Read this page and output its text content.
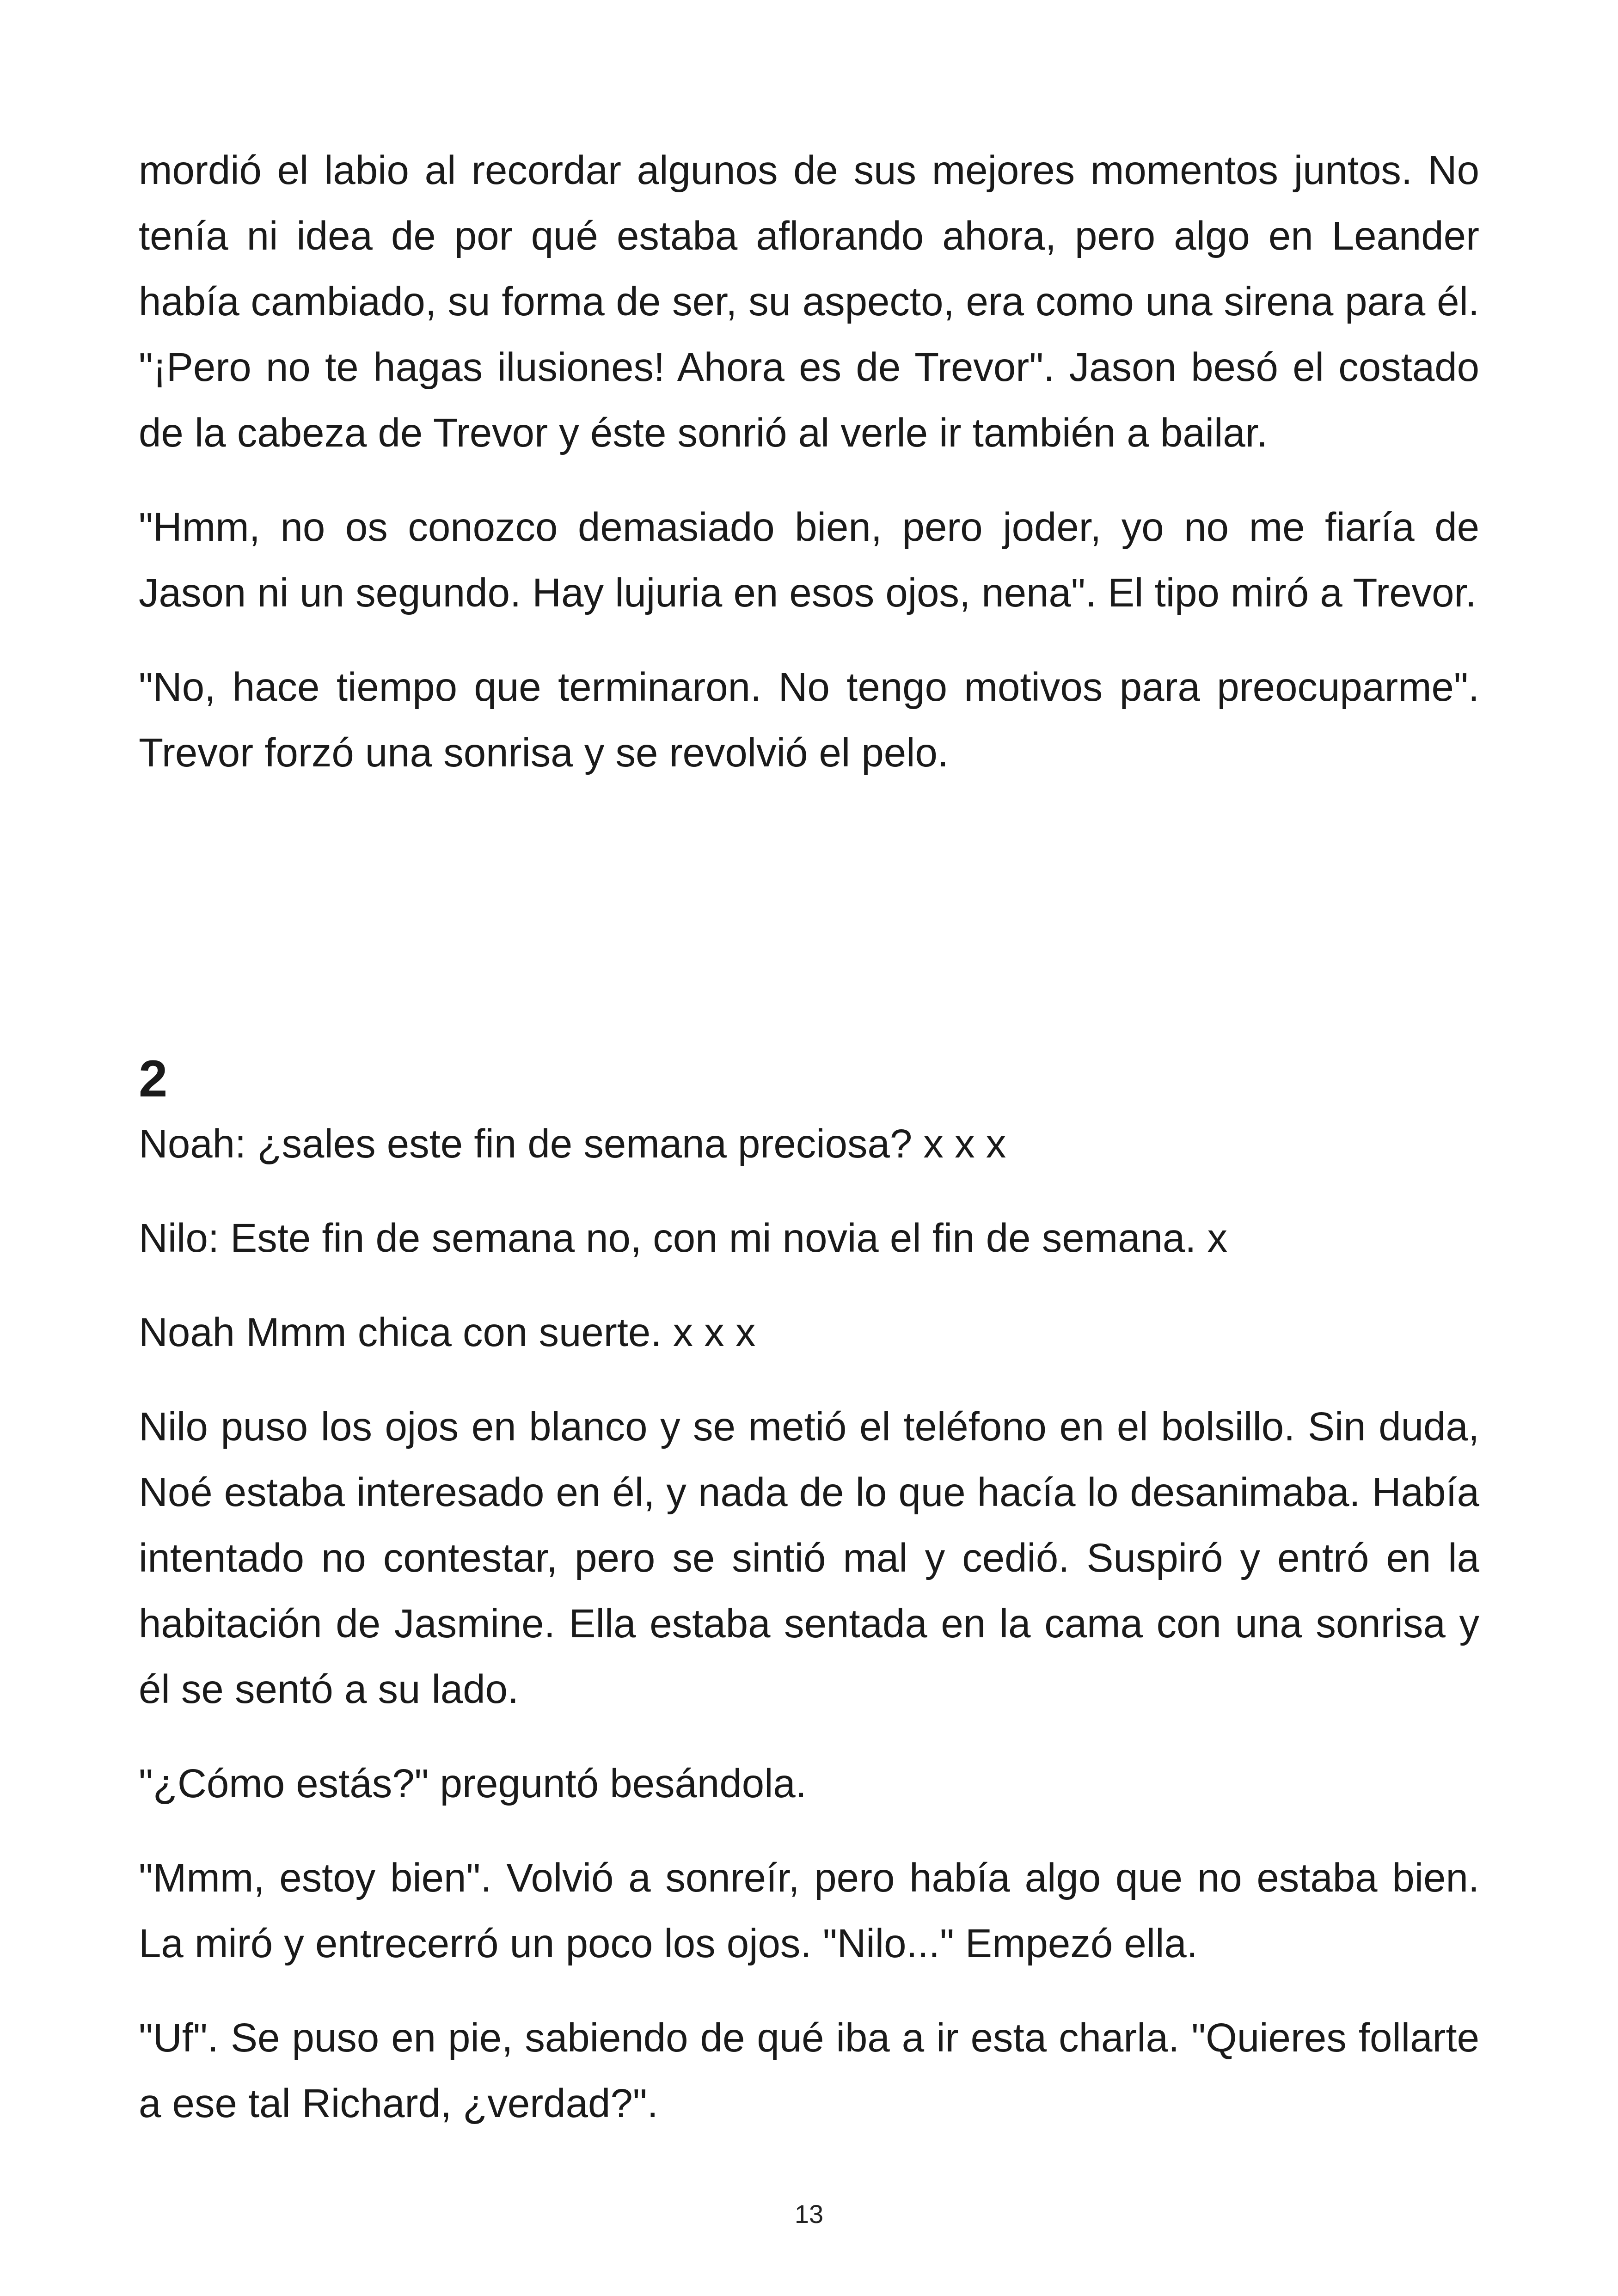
mordió el labio al recordar algunos de sus mejores momentos juntos. No tenía ni idea de por qué estaba aflorando ahora, pero algo en Leander había cambiado, su forma de ser, su aspecto, era como una sirena para él. "¡Pero no te hagas ilusiones! Ahora es de Trevor". Jason besó el costado de la cabeza de Trevor y éste sonrió al verle ir también a bailar.

"Hmm, no os conozco demasiado bien, pero joder, yo no me fiaría de Jason ni un segundo. Hay lujuria en esos ojos, nena". El tipo miró a Trevor.

"No, hace tiempo que terminaron. No tengo motivos para preocuparme". Trevor forzó una sonrisa y se revolvió el pelo.

2

Noah: ¿sales este fin de semana preciosa? x x x

Nilo: Este fin de semana no, con mi novia el fin de semana. x

Noah Mmm chica con suerte. x x x

Nilo puso los ojos en blanco y se metió el teléfono en el bolsillo. Sin duda, Noé estaba interesado en él, y nada de lo que hacía lo desanimaba. Había intentado no contestar, pero se sintió mal y cedió. Suspiró y entró en la habitación de Jasmine. Ella estaba sentada en la cama con una sonrisa y él se sentó a su lado.

"¿Cómo estás?" preguntó besándola.

"Mmm, estoy bien". Volvió a sonreír, pero había algo que no estaba bien. La miró y entrecerró un poco los ojos. "Nilo..." Empezó ella.

"Uf". Se puso en pie, sabiendo de qué iba a ir esta charla. "Quieres follarte a ese tal Richard, ¿verdad?".

13
